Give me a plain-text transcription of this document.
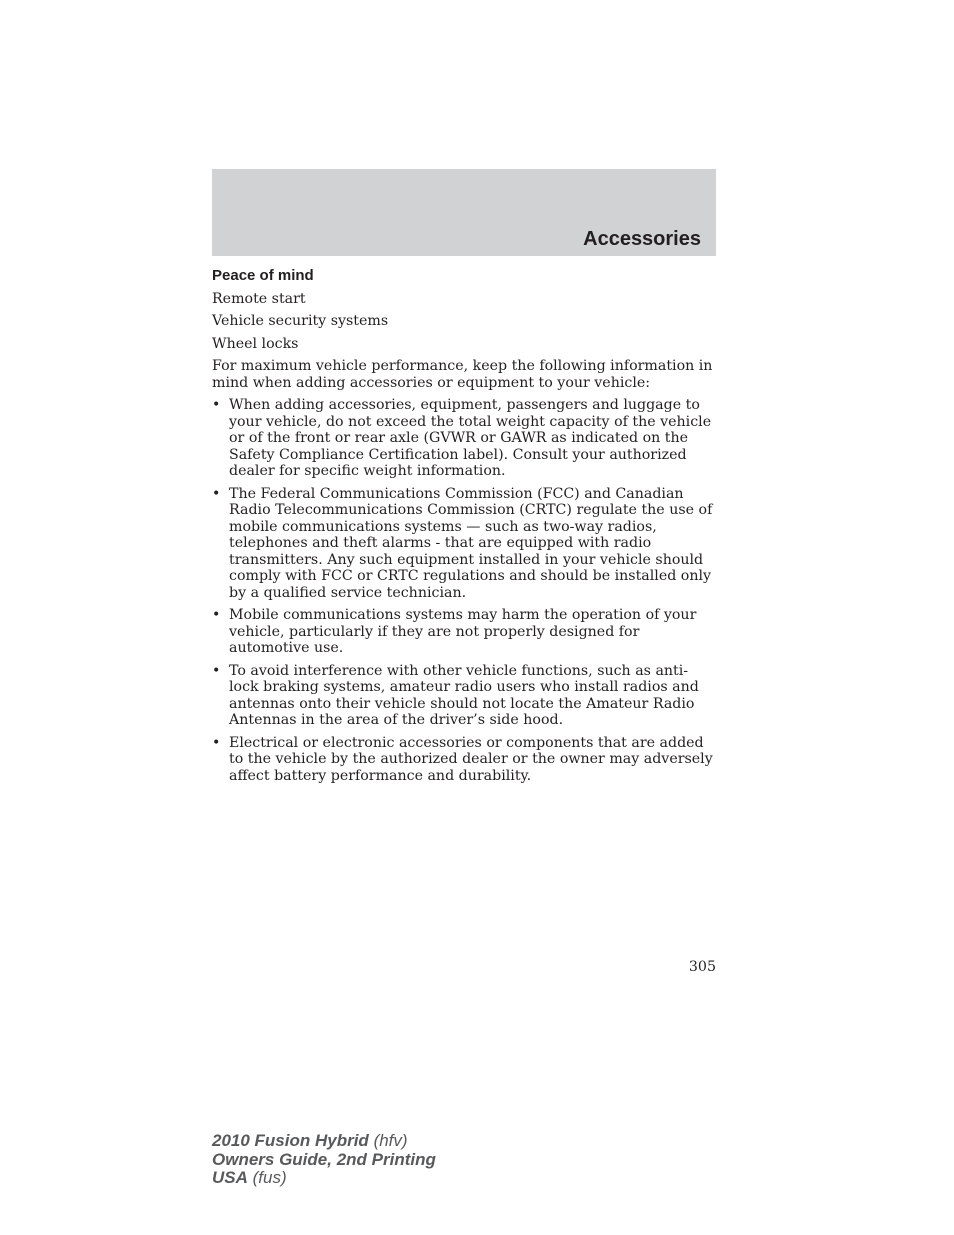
Accessories
Peace of mind
Remote start
Vehicle security systems
Wheel locks
For maximum vehicle performance, keep the following information in mind when adding accessories or equipment to your vehicle:
• When adding accessories, equipment, passengers and luggage to your vehicle, do not exceed the total weight capacity of the vehicle or of the front or rear axle (GVWR or GAWR as indicated on the Safety Compliance Certification label). Consult your authorized dealer for specific weight information.
• The Federal Communications Commission (FCC) and Canadian Radio Telecommunications Commission (CRTC) regulate the use of mobile communications systems — such as two-way radios, telephones and theft alarms - that are equipped with radio transmitters. Any such equipment installed in your vehicle should comply with FCC or CRTC regulations and should be installed only by a qualified service technician.
• Mobile communications systems may harm the operation of your vehicle, particularly if they are not properly designed for automotive use.
• To avoid interference with other vehicle functions, such as anti-lock braking systems, amateur radio users who install radios and antennas onto their vehicle should not locate the Amateur Radio Antennas in the area of the driver’s side hood.
• Electrical or electronic accessories or components that are added to the vehicle by the authorized dealer or the owner may adversely affect battery performance and durability.
305
2010 Fusion Hybrid (hfv)
Owners Guide, 2nd Printing
USA (fus)
